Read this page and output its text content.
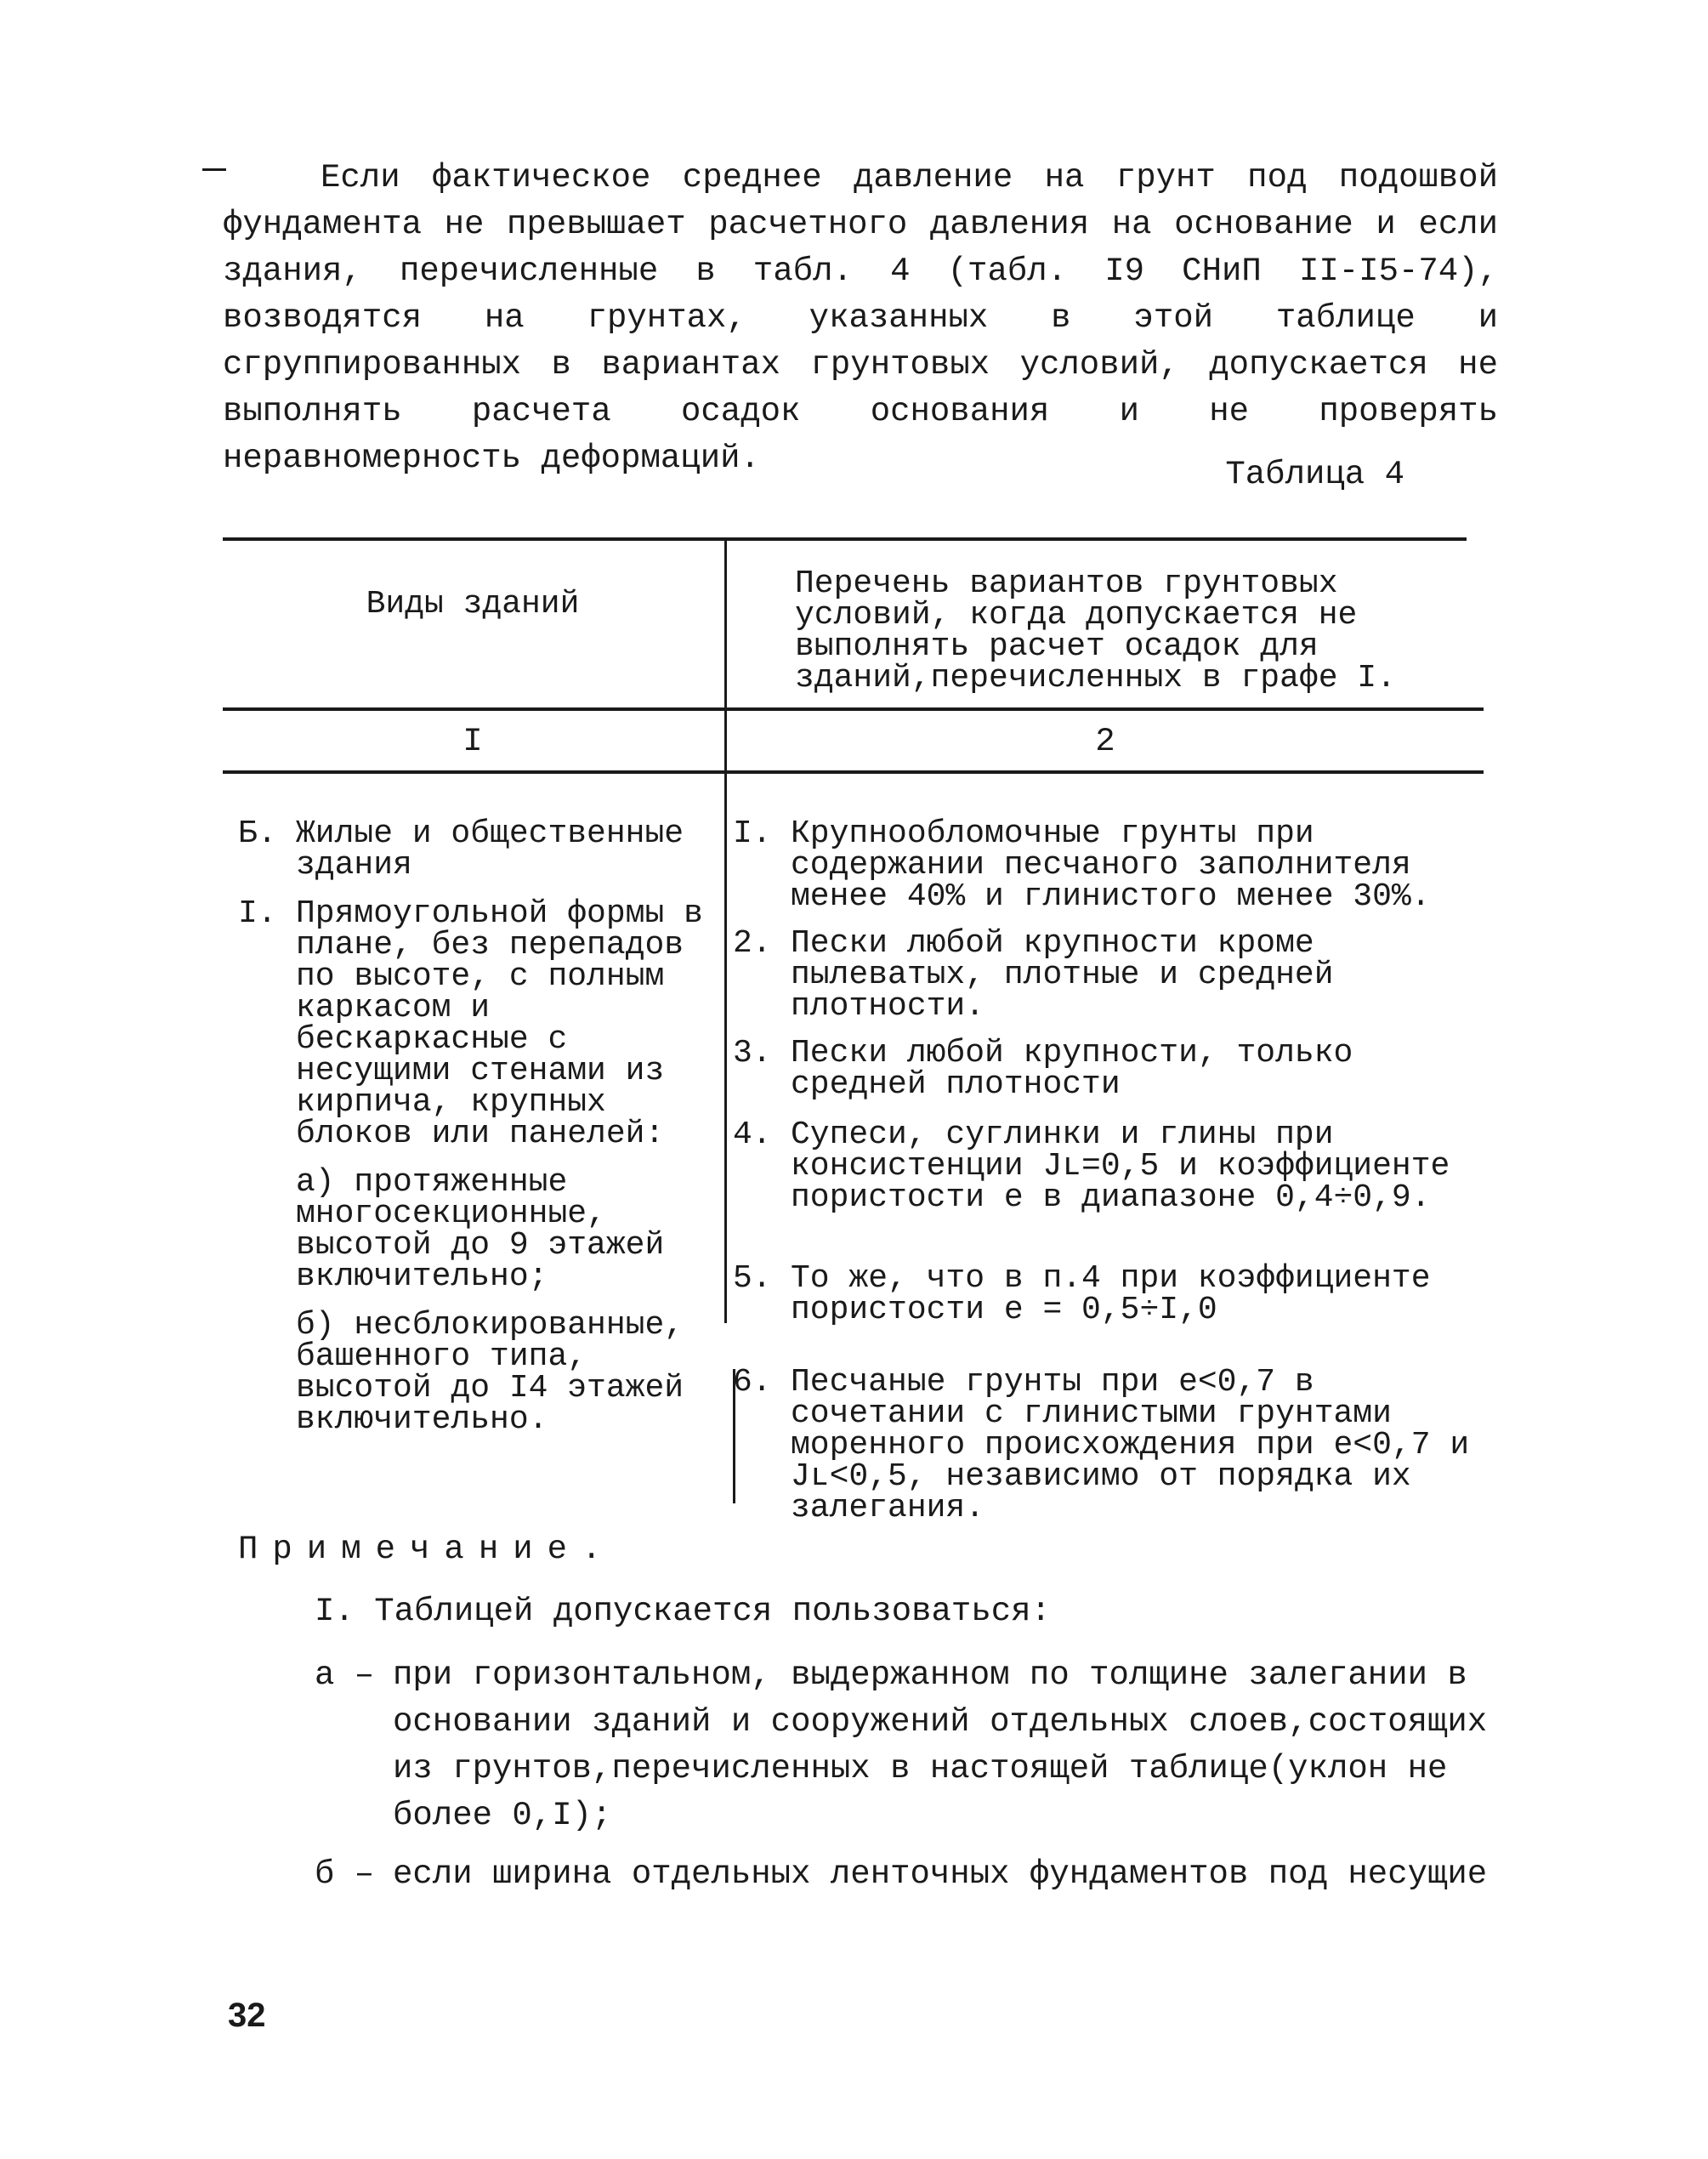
Если фактическое среднее давление на грунт под подошвой фундамента не превышает расчетного давления на основание и если здания, перечисленные в табл. 4 (табл. I9 СНиП II-I5-74), возводятся на грунтах, указанных в этой таблице и сгруппированных в вариантах грунтовых условий, допускается не выполнять расчета осадок основания и не проверять неравномерность деформаций.	Таблица 4
Виды зданий
Перечень вариантов грунтовых условий, когда допускается не выполнять расчет осадок для зданий,перечисленных в графе I.
I	2
Б. Жилые и общественные здания
I. Прямоугольной формы в плане, без перепадов по высоте, с полным каркасом и бескаркасные с несущими стенами из кирпича, крупных блоков или панелей:
а) протяженные многосекционные, высотой до 9 этажей включительно;
б) несблокированные, башенного типа, высотой до I4 этажей включительно.
I. Крупнообломочные грунты при содержании песчаного заполнителя менее 40% и глинистого менее 30%.
2. Пески любой крупности кроме пылеватых, плотные и средней плотности.
3. Пески любой крупности, только средней плотности
4. Супеси, суглинки и глины при консистенции Jʟ=0,5 и коэффициенте пористости e в диапазоне 0,4÷0,9.
5. То же, что в п.4 при коэффициенте пористости e = 0,5÷I,0
6. Песчаные грунты при e<0,7 в сочетании с глинистыми грунтами моренного происхождения при e<0,7 и Jʟ<0,5, независимо от порядка их залегания.
Примечание.
I. Таблицей допускается пользоваться:
а – при горизонтальном, выдержанном по толщине залегании в основании зданий и сооружений отдельных слоев,состоящих из грунтов,перечисленных в настоящей таблице(уклон не более 0,I);
б – если ширина отдельных ленточных фундаментов под несущие
32
